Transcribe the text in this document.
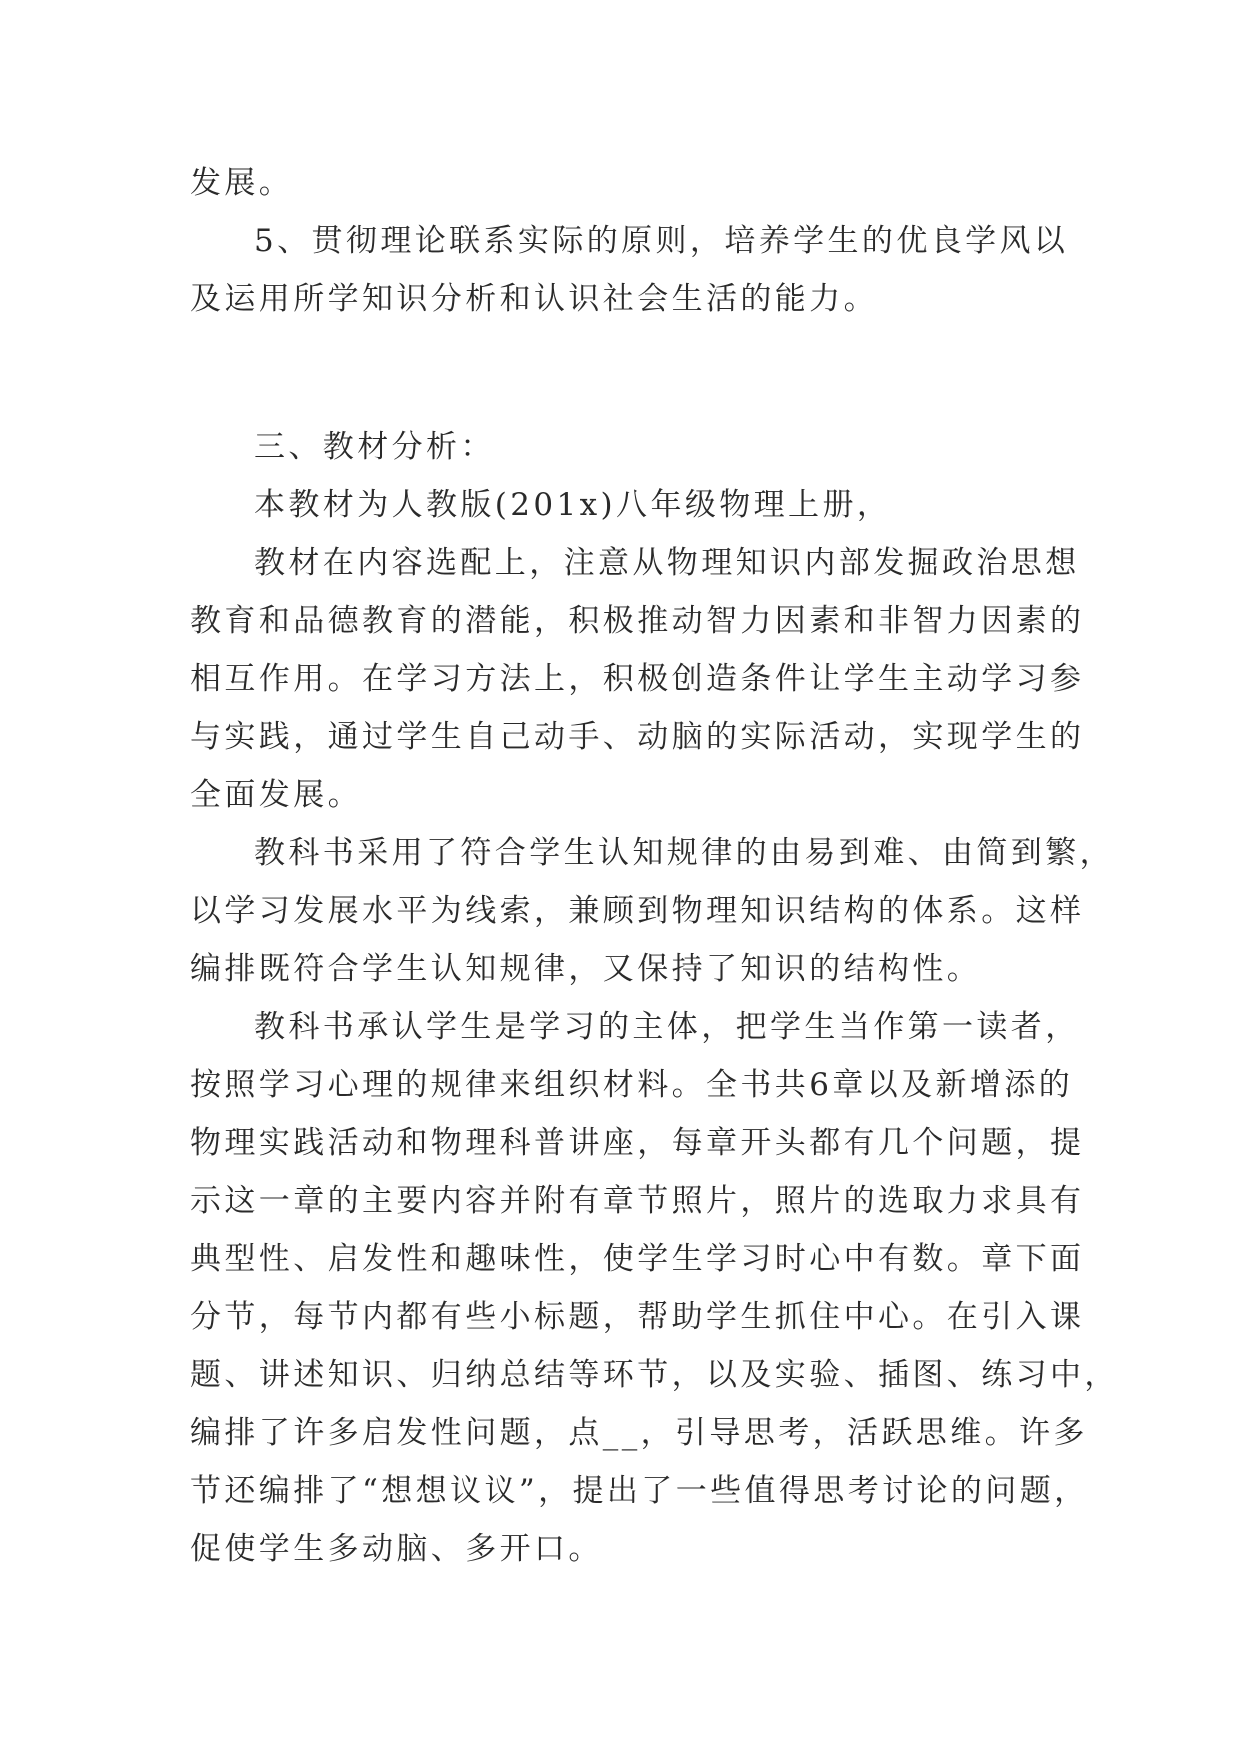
发展。
5、贯彻理论联系实际的原则，培养学生的优良学风以
及运用所学知识分析和认识社会生活的能力。
三、教材分析：
本教材为人教版(201x)八年级物理上册，
教材在内容选配上，注意从物理知识内部发掘政治思想
教育和品德教育的潜能，积极推动智力因素和非智力因素的
相互作用。在学习方法上，积极创造条件让学生主动学习参
与实践，通过学生自己动手、动脑的实际活动，实现学生的
全面发展。
教科书采用了符合学生认知规律的由易到难、由简到繁，
以学习发展水平为线索，兼顾到物理知识结构的体系。这样
编排既符合学生认知规律，又保持了知识的结构性。
教科书承认学生是学习的主体，把学生当作第一读者，
按照学习心理的规律来组织材料。全书共6章以及新增添的
物理实践活动和物理科普讲座，每章开头都有几个问题，提
示这一章的主要内容并附有章节照片，照片的选取力求具有
典型性、启发性和趣味性，使学生学习时心中有数。章下面
分节，每节内都有些小标题，帮助学生抓住中心。在引入课
题、讲述知识、归纳总结等环节，以及实验、插图、练习中，
编排了许多启发性问题，点__，引导思考，活跃思维。许多
节还编排了“想想议议”，提出了一些值得思考讨论的问题，
促使学生多动脑、多开口。
